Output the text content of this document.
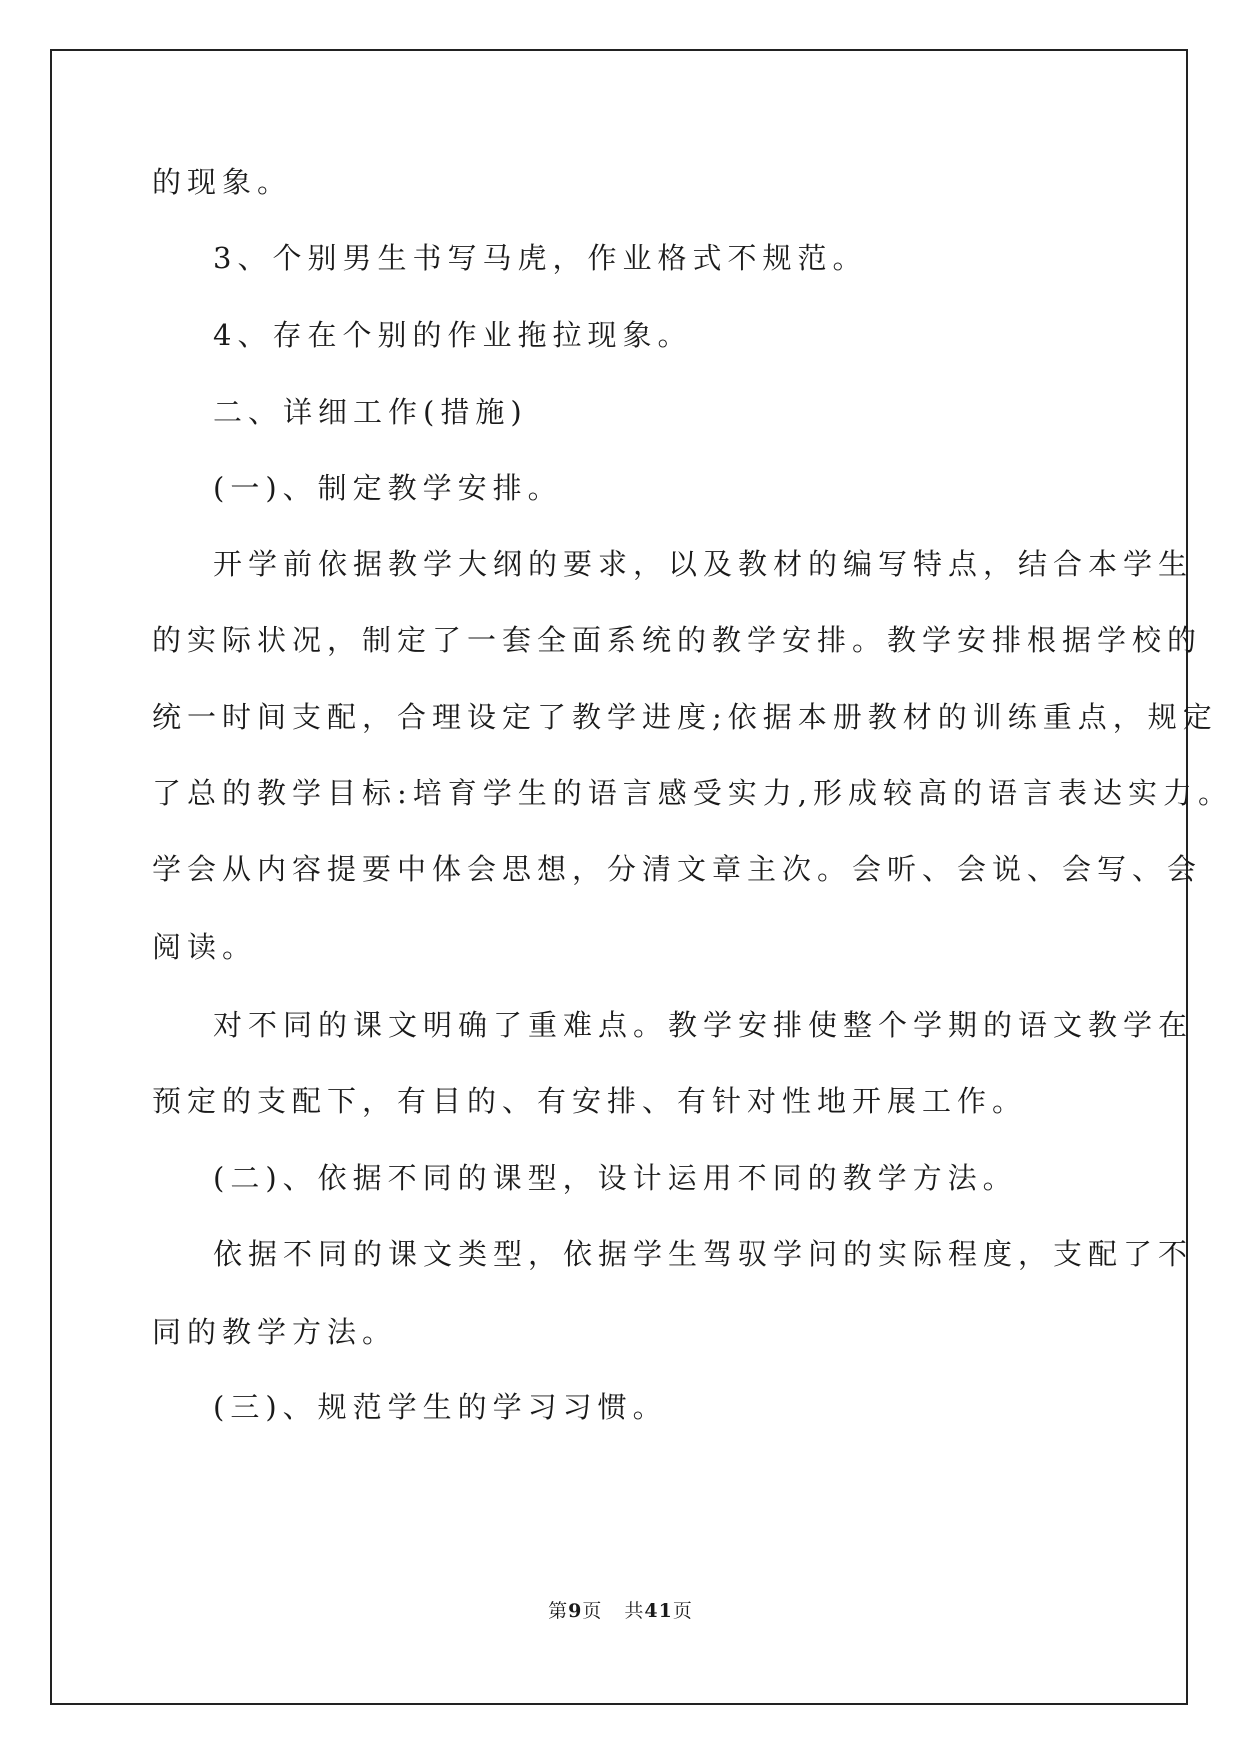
的现象。

3、个别男生书写马虎，作业格式不规范。

4、存在个别的作业拖拉现象。

二、详细工作(措施)

(一)、制定教学安排。

开学前依据教学大纲的要求，以及教材的编写特点，结合本学生

的实际状况，制定了一套全面系统的教学安排。教学安排根据学校的

统一时间支配，合理设定了教学进度;依据本册教材的训练重点，规定

了总的教学目标:培育学生的语言感受实力,形成较高的语言表达实力。

学会从内容提要中体会思想，分清文章主次。会听、会说、会写、会

阅读。

对不同的课文明确了重难点。教学安排使整个学期的语文教学在

预定的支配下，有目的、有安排、有针对性地开展工作。

(二)、依据不同的课型，设计运用不同的教学方法。

依据不同的课文类型，依据学生驾驭学问的实际程度，支配了不

同的教学方法。

(三)、规范学生的学习习惯。

第9页 共41页
